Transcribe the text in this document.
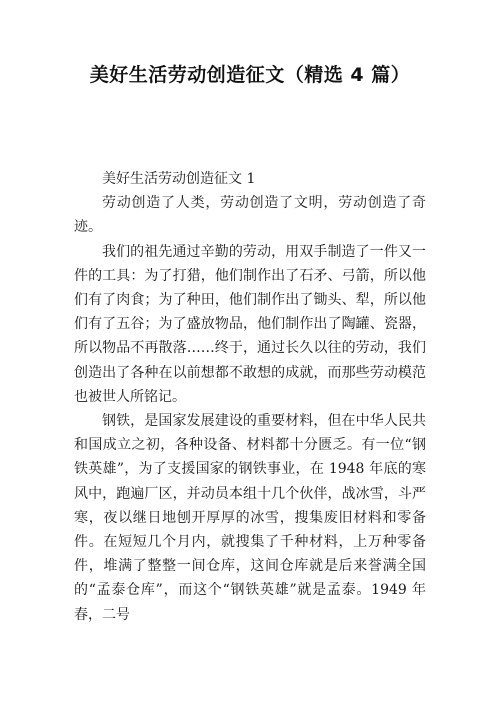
美好生活劳动创造征文（精选 4 篇）

美好生活劳动创造征文 1

劳动创造了人类，劳动创造了文明，劳动创造了奇迹。

我们的祖先通过辛勤的劳动，用双手制造了一件又一件的工具：为了打猎，他们制作出了石矛、弓箭，所以他们有了肉食；为了种田，他们制作出了锄头、犁，所以他们有了五谷；为了盛放物品，他们制作出了陶罐、瓷器，所以物品不再散落……终于，通过长久以往的劳动，我们创造出了各种在以前想都不敢想的成就，而那些劳动模范也被世人所铭记。

钢铁，是国家发展建设的重要材料，但在中华人民共和国成立之初，各种设备、材料都十分匮乏。有一位“钢铁英雄”，为了支援国家的钢铁事业，在 1948 年底的寒风中，跑遍厂区，并动员本组十几个伙伴，战冰雪，斗严寒，夜以继日地刨开厚厚的冰雪，搜集废旧材料和零备件。在短短几个月内，就搜集了千种材料，上万种零备件，堆满了整整一间仓库，这间仓库就是后来誉满全国的“孟泰仓库”，而这个“钢铁英雄”就是孟泰。1949 年春，二号
